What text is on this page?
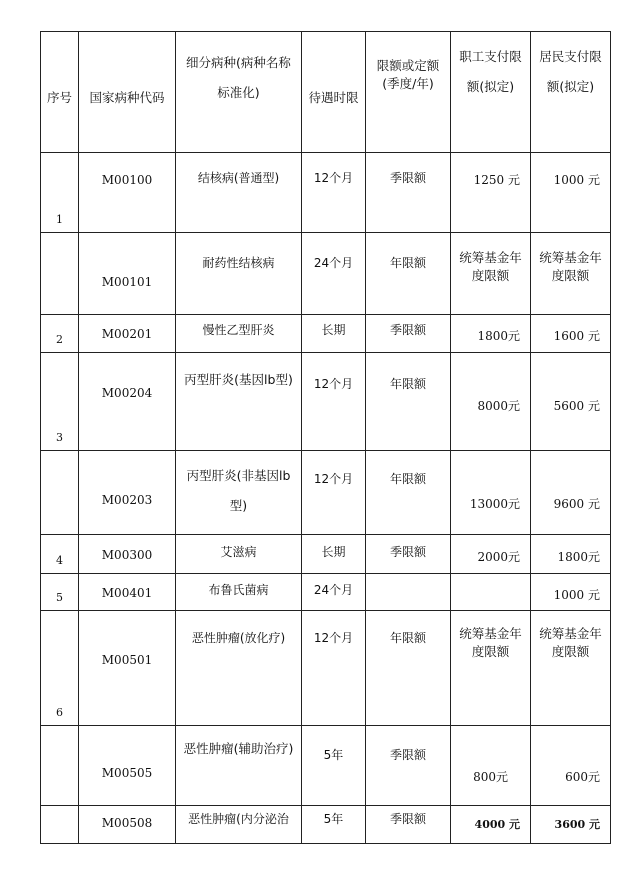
序号	国家病种代码	细分病种(病种名称标准化)	待遇时限	限额或定额(季度/年)	职工支付限额(拟定)	居民支付限额(拟定)

1	M00100	结核病(普通型)	12个月	季限额	1250 元	1000 元

	M00101	耐药性结核病	24个月	年限额	统筹基金年度限额	统筹基金年度限额

2	M00201	慢性乙型肝炎	长期	季限额	1800元	1600 元

3	M00204	丙型肝炎(基因lb型)	12个月	年限额	8000元	5600 元

	M00203	丙型肝炎(非基因lb型)	12个月	年限额	13000元	9600 元

4	M00300	艾滋病	长期	季限额	2000元	1800元

5	M00401	布鲁氏菌病	24个月			1000 元

6	M00501	恶性肿瘤(放化疗)	12个月	年限额	统筹基金年度限额	统筹基金年度限额

	M00505	恶性肿瘤(辅助治疗)	5年	季限额	800元	600元

	M00508	恶性肿瘤(内分泌治	5年	季限额	4000 元	3600 元
